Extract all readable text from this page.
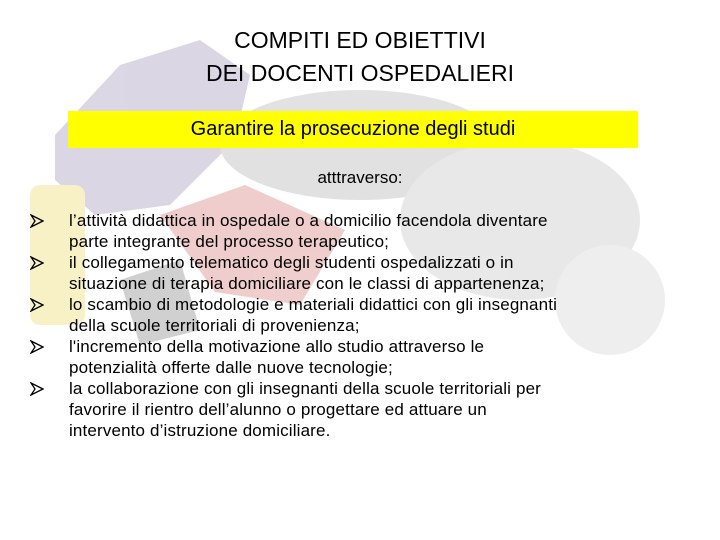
COMPITI ED OBIETTIVI
DEI DOCENTI OSPEDALIERI
Garantire la prosecuzione degli studi
atttraverso:
l’attività didattica in ospedale o a domicilio facendola diventare
parte integrante del processo terapeutico;
il collegamento telematico degli studenti ospedalizzati o in
situazione di terapia domiciliare con le classi di appartenenza;
lo scambio di metodologie e materiali didattici con gli insegnanti
della scuole territoriali di provenienza;
l'incremento della motivazione allo studio attraverso le
potenzialità offerte dalle nuove tecnologie;
la collaborazione con gli insegnanti della scuole territoriali per
favorire il rientro dell’alunno o progettare ed attuare un
intervento d’istruzione domiciliare.
